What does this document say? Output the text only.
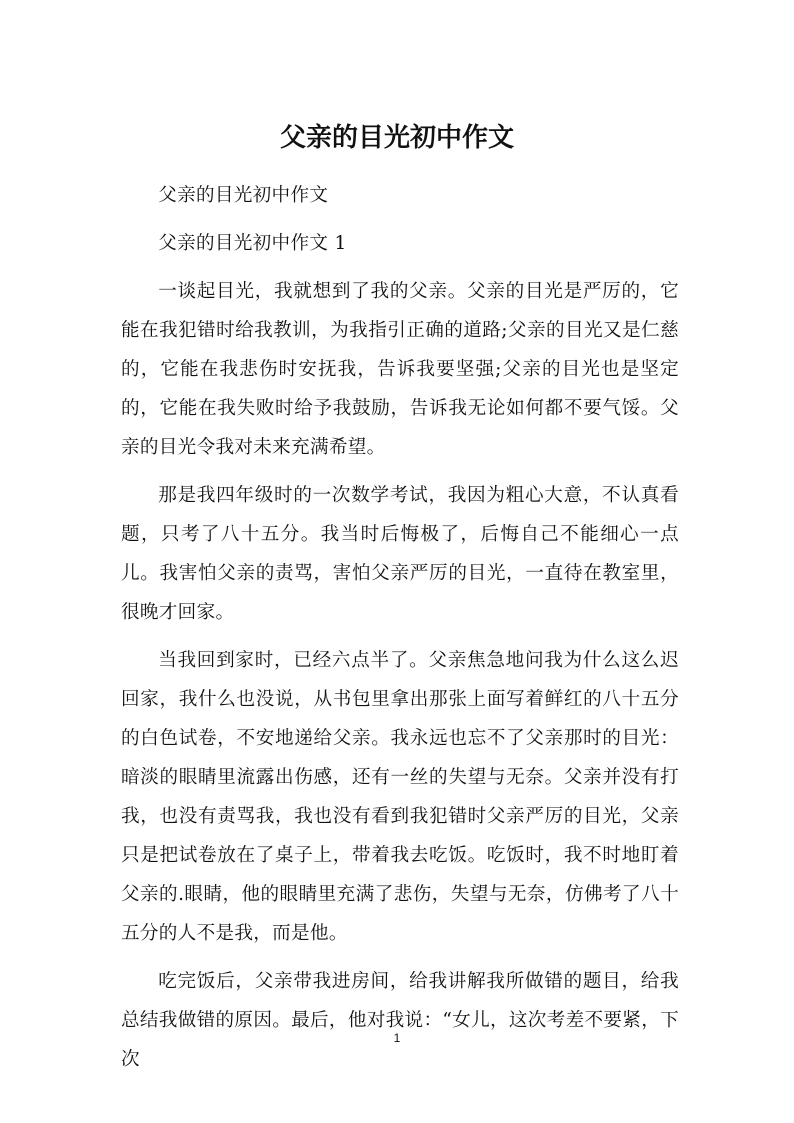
父亲的目光初中作文

父亲的目光初中作文

父亲的目光初中作文 1

一谈起目光，我就想到了我的父亲。父亲的目光是严厉的，它能在我犯错时给我教训，为我指引正确的道路;父亲的目光又是仁慈的，它能在我悲伤时安抚我，告诉我要坚强;父亲的目光也是坚定的，它能在我失败时给予我鼓励，告诉我无论如何都不要气馁。父亲的目光令我对未来充满希望。

那是我四年级时的一次数学考试，我因为粗心大意，不认真看题，只考了八十五分。我当时后悔极了，后悔自己不能细心一点儿。我害怕父亲的责骂，害怕父亲严厉的目光，一直待在教室里，很晚才回家。

当我回到家时，已经六点半了。父亲焦急地问我为什么这么迟回家，我什么也没说，从书包里拿出那张上面写着鲜红的八十五分的白色试卷，不安地递给父亲。我永远也忘不了父亲那时的目光：暗淡的眼睛里流露出伤感，还有一丝的失望与无奈。父亲并没有打我，也没有责骂我，我也没有看到我犯错时父亲严厉的目光，父亲只是把试卷放在了桌子上，带着我去吃饭。吃饭时，我不时地盯着父亲的.眼睛，他的眼睛里充满了悲伤，失望与无奈，仿佛考了八十五分的人不是我，而是他。

吃完饭后，父亲带我进房间，给我讲解我所做错的题目，给我总结我做错的原因。最后，他对我说：“女儿，这次考差不要紧，下次

1
